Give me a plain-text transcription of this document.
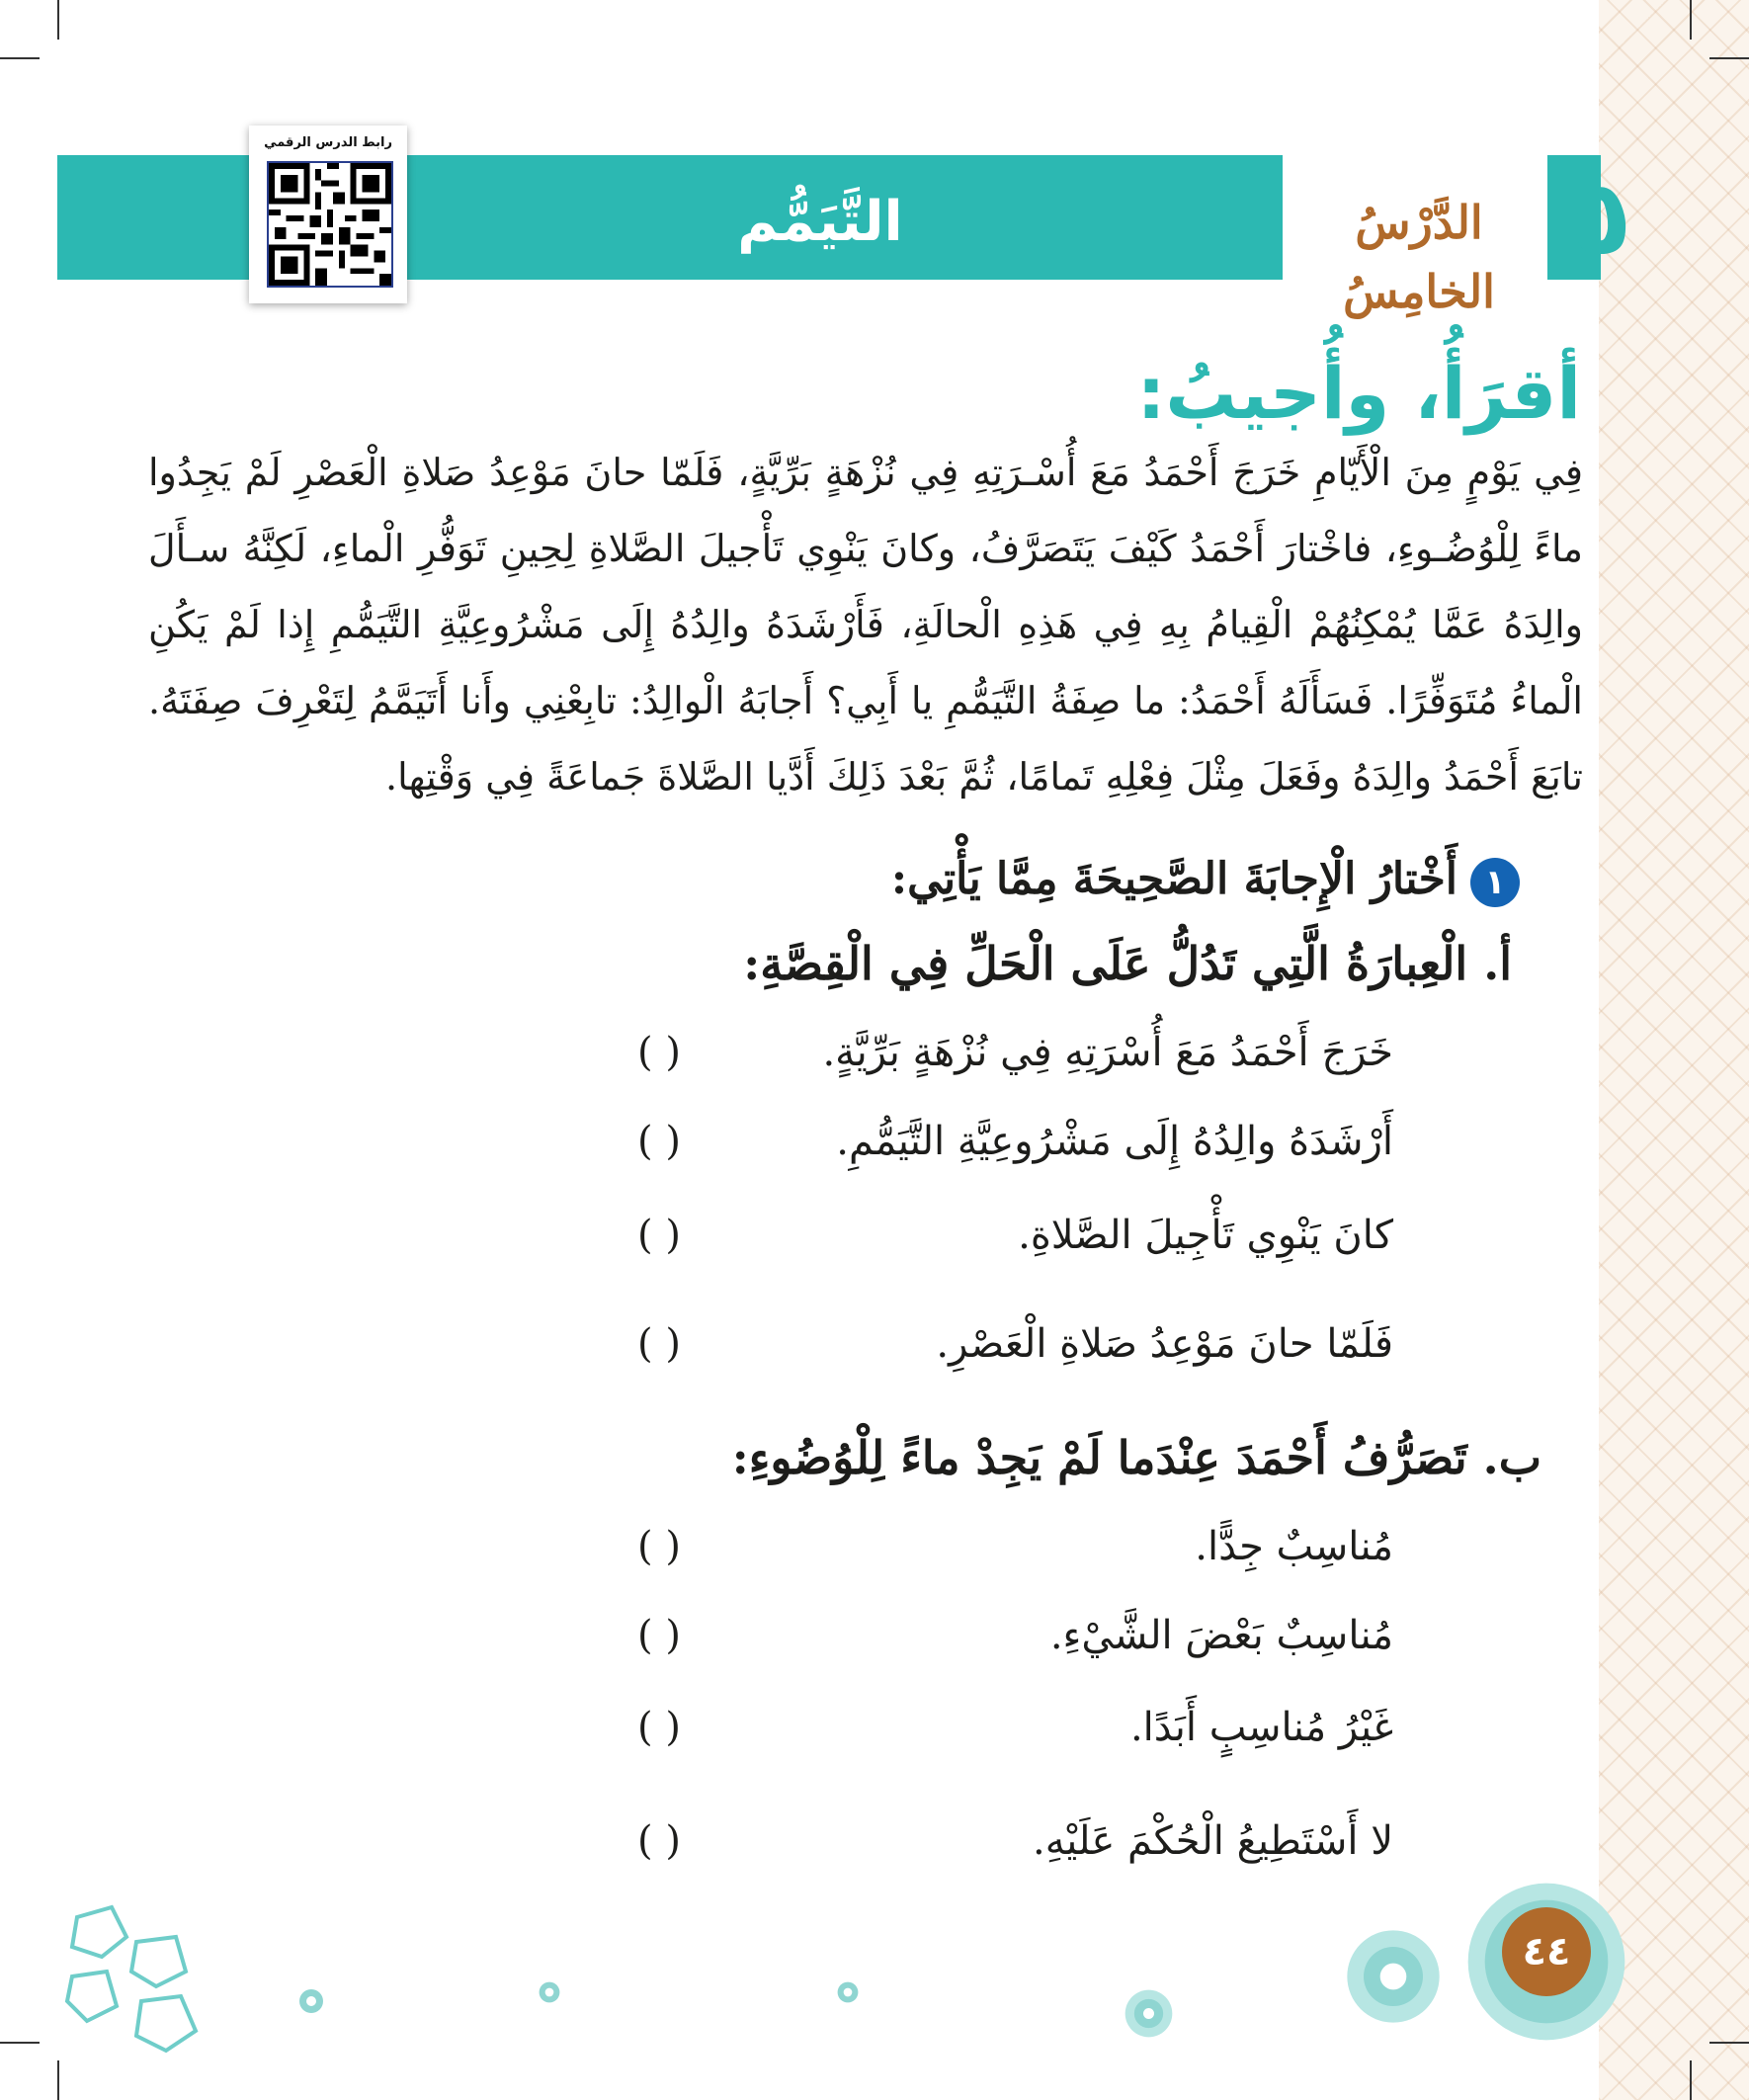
٥
الدَّرْسُ الخامِسُ
التَّيَمُّم
رابط الدرس الرقمي
أقرَأُ، وأُجيبُ:
فِي يَوْمٍ مِنَ الْأَيّامِ خَرَجَ أَحْمَدُ مَعَ أُسْـرَتِهِ فِي نُزْهَةٍ بَرِّيَّةٍ، فَلَمّا حانَ مَوْعِدُ صَلاةِ الْعَصْرِ لَمْ يَجِدُوا ماءً لِلْوُضُـوءِ، فاخْتارَ أَحْمَدُ كَيْفَ يَتَصَرَّفُ، وكانَ يَنْوِي تَأْجيلَ الصَّلاةِ لِحِينِ تَوَفُّرِ الْماءِ، لَكِنَّهُ سـأَلَ والِدَهُ عَمَّا يُمْكِنُهُمْ الْقِيامُ بِهِ فِي هَذِهِ الْحالَةِ، فَأَرْشَدَهُ والِدُهُ إِلَى مَشْرُوعِيَّةِ التَّيَمُّمِ إِذا لَمْ يَكُنِ الْماءُ مُتَوَفِّرًا. فَسَأَلَهُ أَحْمَدُ: ما صِفَةُ التَّيَمُّمِ يا أَبِي؟ أَجابَهُ الْوالِدُ: تابِعْنِي وأَنا أَتَيَمَّمُ لِتَعْرِفَ صِفَتَهُ. تابَعَ أَحْمَدُ والِدَهُ وفَعَلَ مِثْلَ فِعْلِهِ تَمامًا، ثُمَّ بَعْدَ ذَلِكَ أَدَّيا الصَّلاةَ جَماعَةً فِي وَقْتِها.
١
أَخْتارُ الْإِجابَةَ الصَّحِيحَةَ مِمَّا يَأْتِي:
أ. الْعِبارَةُ الَّتِي تَدُلُّ عَلَى الْحَلِّ فِي الْقِصَّةِ:
خَرَجَ أَحْمَدُ مَعَ أُسْرَتِهِ فِي نُزْهَةٍ بَرِّيَّةٍ.
( )
أَرْشَدَهُ والِدُهُ إِلَى مَشْرُوعِيَّةِ التَّيَمُّمِ.
( )
كانَ يَنْوِي تَأْجِيلَ الصَّلاةِ.
( )
فَلَمّا حانَ مَوْعِدُ صَلاةِ الْعَصْرِ.
( )
ب. تَصَرُّفُ أَحْمَدَ عِنْدَما لَمْ يَجِدْ ماءً لِلْوُضُوءِ:
مُناسِبٌ جِدًّا.
( )
مُناسِبٌ بَعْضَ الشَّيْءِ.
( )
غَيْرُ مُناسِبٍ أَبَدًا.
( )
لا أَسْتَطِيعُ الْحُكْمَ عَلَيْهِ.
( )
٤٤
